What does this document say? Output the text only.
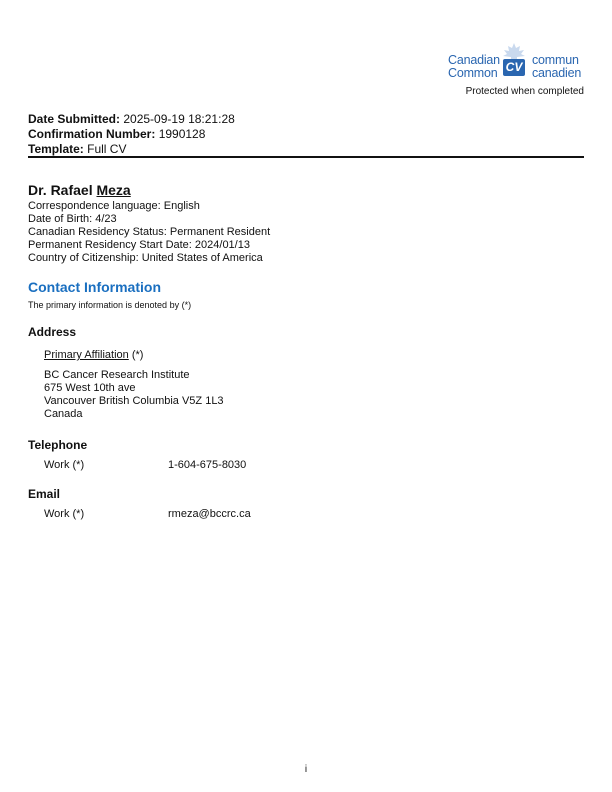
Canadian
Common CV commun
canadien
Protected when completed
Date Submitted: 2025-09-19 18:21:28
Confirmation Number: 1990128
Template: Full CV
Dr. Rafael Meza
Correspondence language: English
Date of Birth: 4/23
Canadian Residency Status: Permanent Resident
Permanent Residency Start Date: 2024/01/13
Country of Citizenship: United States of America
Contact Information
The primary information is denoted by (*)
Address
Primary Affiliation (*)
BC Cancer Research Institute
675 West 10th ave
Vancouver British Columbia V5Z 1L3
Canada
Telephone
Work (*)	1-604-675-8030
Email
Work (*)	rmeza@bccrc.ca
i
